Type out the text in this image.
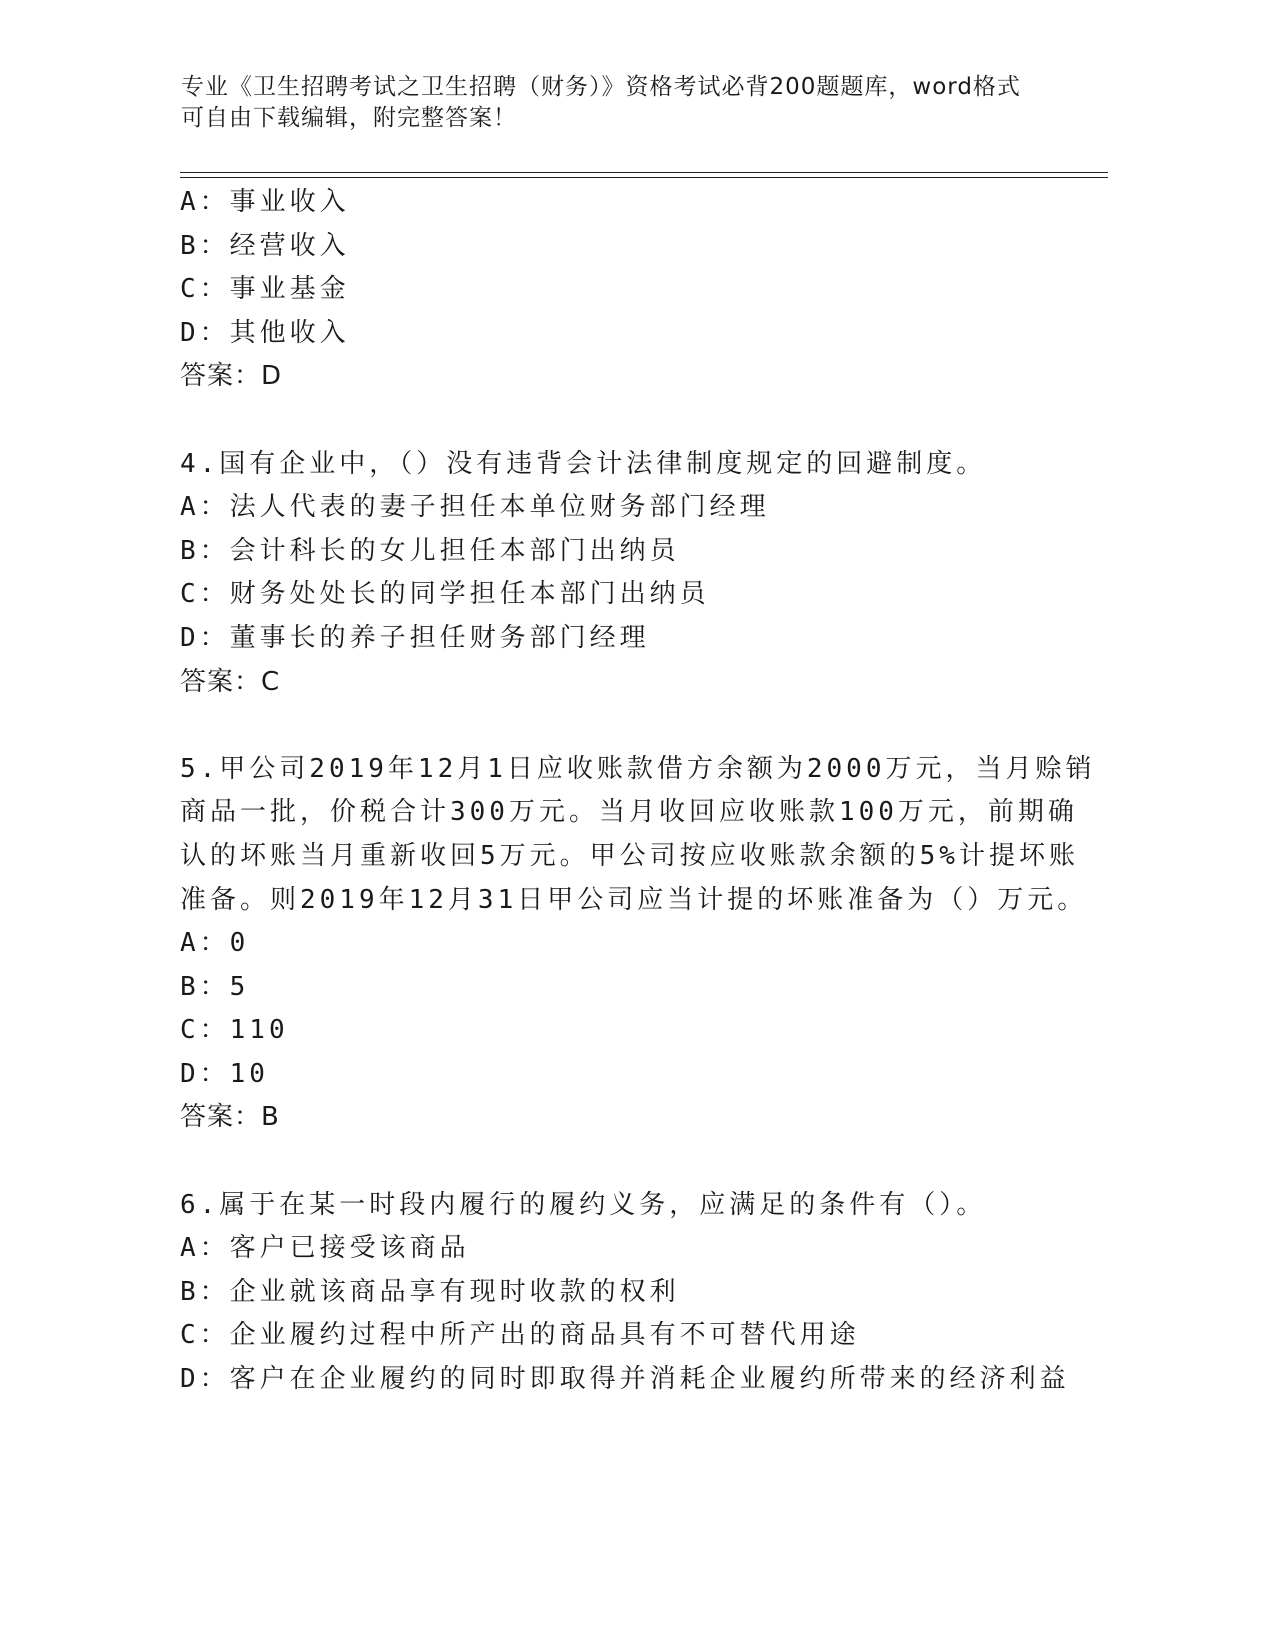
专业《卫生招聘考试之卫生招聘（财务）》资格考试必背200题题库，word格式
可自由下载编辑，附完整答案！
A：事业收入
B：经营收入
C：事业基金
D：其他收入
答案：D
4.国有企业中，（）没有违背会计法律制度规定的回避制度。
A：法人代表的妻子担任本单位财务部门经理
B：会计科长的女儿担任本部门出纳员
C：财务处处长的同学担任本部门出纳员
D：董事长的养子担任财务部门经理
答案：C
5.甲公司2019年12月1日应收账款借方余额为2000万元，当月赊销
商品一批，价税合计300万元。当月收回应收账款100万元，前期确
认的坏账当月重新收回5万元。甲公司按应收账款余额的5%计提坏账
准备。则2019年12月31日甲公司应当计提的坏账准备为（）万元。
A：0
B：5
C：110
D：10
答案：B
6.属于在某一时段内履行的履约义务，应满足的条件有（）。
A：客户已接受该商品
B：企业就该商品享有现时收款的权利
C：企业履约过程中所产出的商品具有不可替代用途
D：客户在企业履约的同时即取得并消耗企业履约所带来的经济利益
